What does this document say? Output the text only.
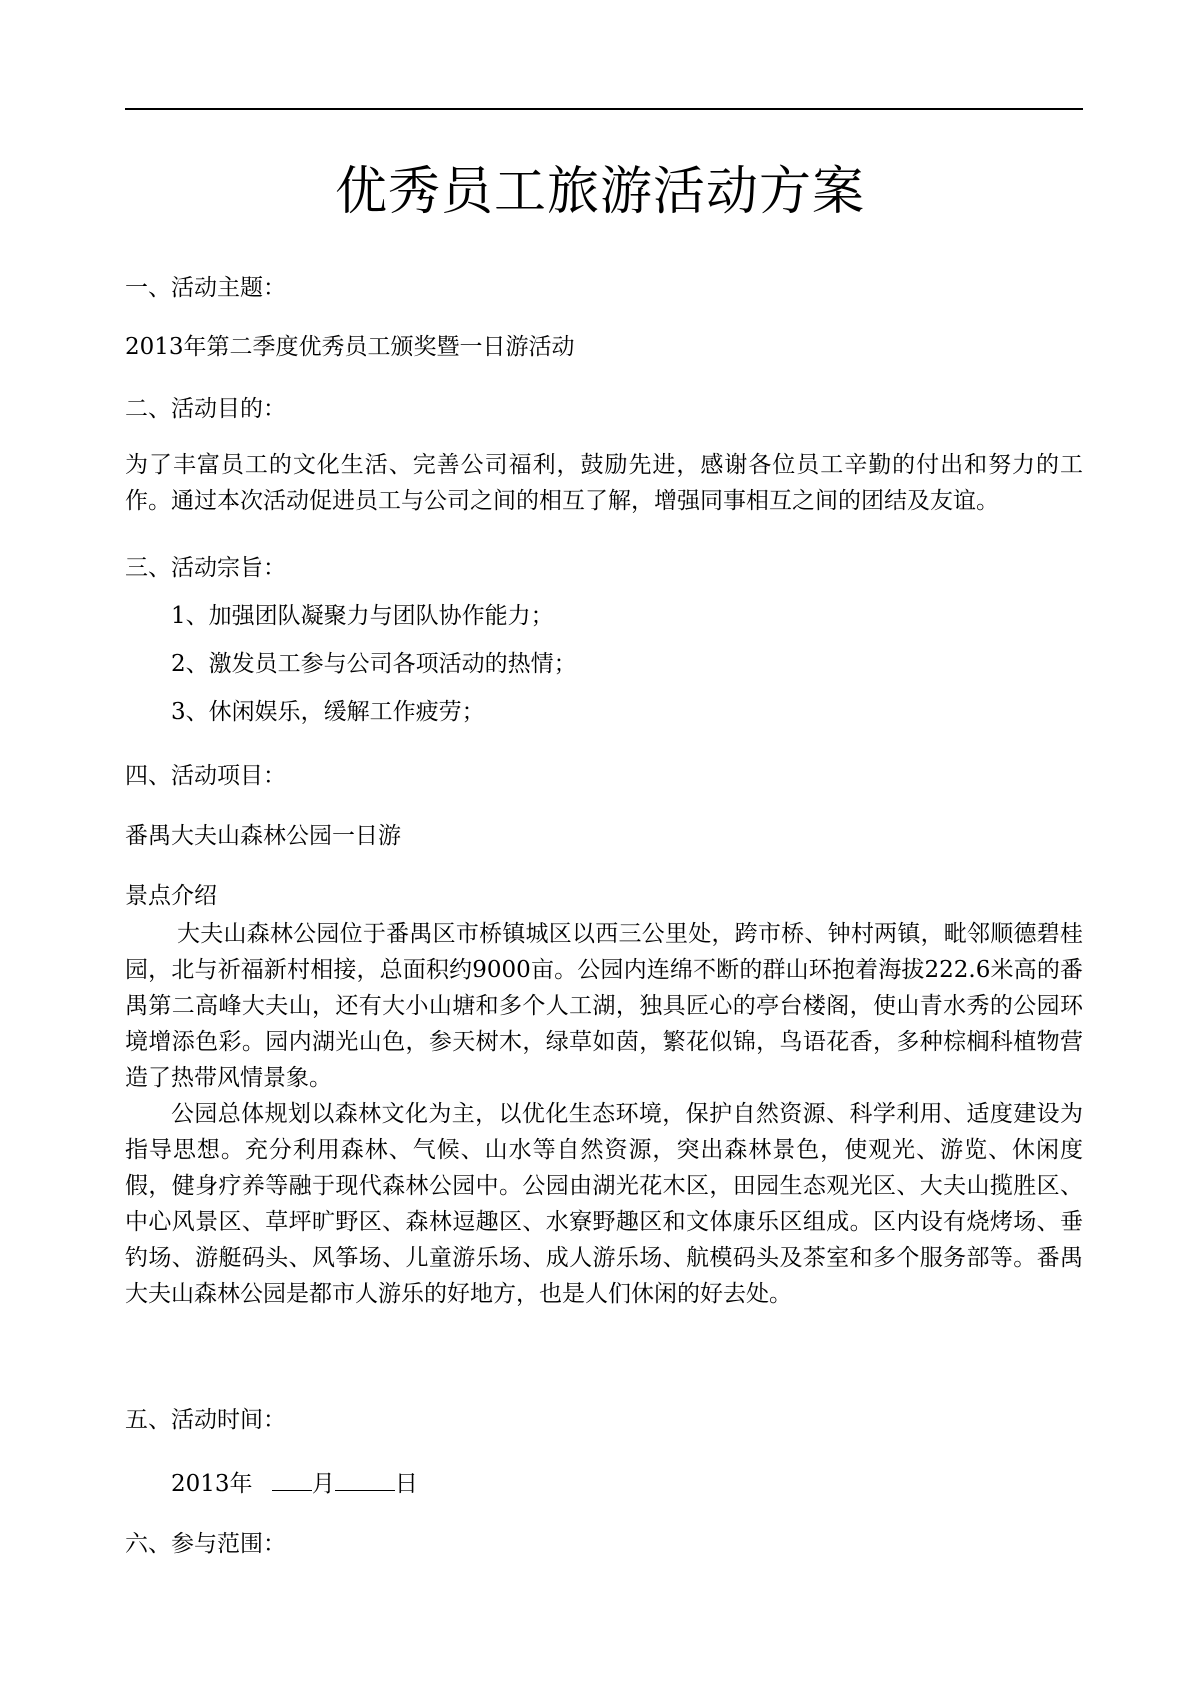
优秀员工旅游活动方案
一、活动主题：
2013年第二季度优秀员工颁奖暨一日游活动
二、活动目的：
为了丰富员工的文化生活、完善公司福利，鼓励先进，感谢各位员工辛勤的付出和努力的工作。通过本次活动促进员工与公司之间的相互了解，增强同事相互之间的团结及友谊。
三、活动宗旨：
1、加强团队凝聚力与团队协作能力；
2、激发员工参与公司各项活动的热情；
3、休闲娱乐，缓解工作疲劳；
四、活动项目：
番禺大夫山森林公园一日游
景点介绍
大夫山森林公园位于番禺区市桥镇城区以西三公里处，跨市桥、钟村两镇，毗邻顺德碧桂园，北与祈福新村相接，总面积约9000亩。公园内连绵不断的群山环抱着海拔222.6米高的番禺第二高峰大夫山，还有大小山塘和多个人工湖，独具匠心的亭台楼阁，使山青水秀的公园环境增添色彩。园内湖光山色，参天树木，绿草如茵，繁花似锦，鸟语花香，多种棕榈科植物营造了热带风情景象。
公园总体规划以森林文化为主，以优化生态环境，保护自然资源、科学利用、适度建设为指导思想。充分利用森林、气候、山水等自然资源，突出森林景色，使观光、游览、休闲度假，健身疗养等融于现代森林公园中。公园由湖光花木区，田园生态观光区、大夫山揽胜区、中心风景区、草坪旷野区、森林逗趣区、水寮野趣区和文体康乐区组成。区内设有烧烤场、垂钓场、游艇码头、风筝场、儿童游乐场、成人游乐场、航模码头及茶室和多个服务部等。番禺大夫山森林公园是都市人游乐的好地方，也是人们休闲的好去处。
五、活动时间：
2013年	月	日
六、参与范围：
